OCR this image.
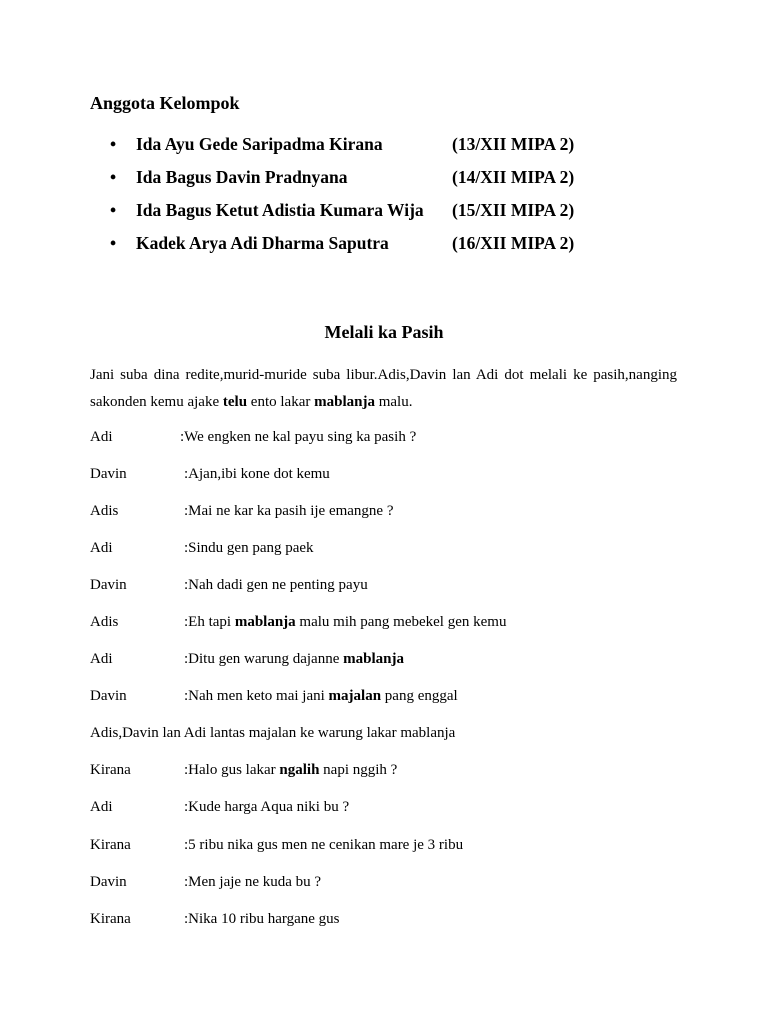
Anggota Kelompok
• Ida Ayu Gede Saripadma Kirana	(13/XII MIPA 2)
• Ida Bagus Davin Pradnyana	(14/XII MIPA 2)
• Ida Bagus Ketut Adistia Kumara Wija (15/XII MIPA 2)
• Kadek Arya Adi Dharma Saputra	(16/XII MIPA 2)
Melali ka Pasih

Jani suba dina redite,murid-muride suba libur.Adis,Davin lan Adi dot melali ke pasih,nanging sakonden kemu ajake telu ento lakar mablanja malu.

Adi	:We engken ne kal payu sing ka pasih ?
Davin	:Ajan,ibi kone dot kemu
Adis	:Mai ne kar ka pasih ije emangne ?
Adi	:Sindu gen pang paek
Davin	:Nah dadi gen ne penting payu
Adis	:Eh tapi mablanja malu mih pang mebekel gen kemu
Adi	:Ditu gen warung dajanne mablanja
Davin	:Nah men keto mai jani majalan pang enggal
Adis,Davin lan Adi lantas majalan ke warung lakar mablanja
Kirana	:Halo gus lakar ngalih napi nggih ?
Adi	:Kude harga Aqua niki bu ?
Kirana	:5 ribu nika gus men ne cenikan mare je 3 ribu
Davin	:Men jaje ne kuda bu ?
Kirana	:Nika 10 ribu hargane gus
